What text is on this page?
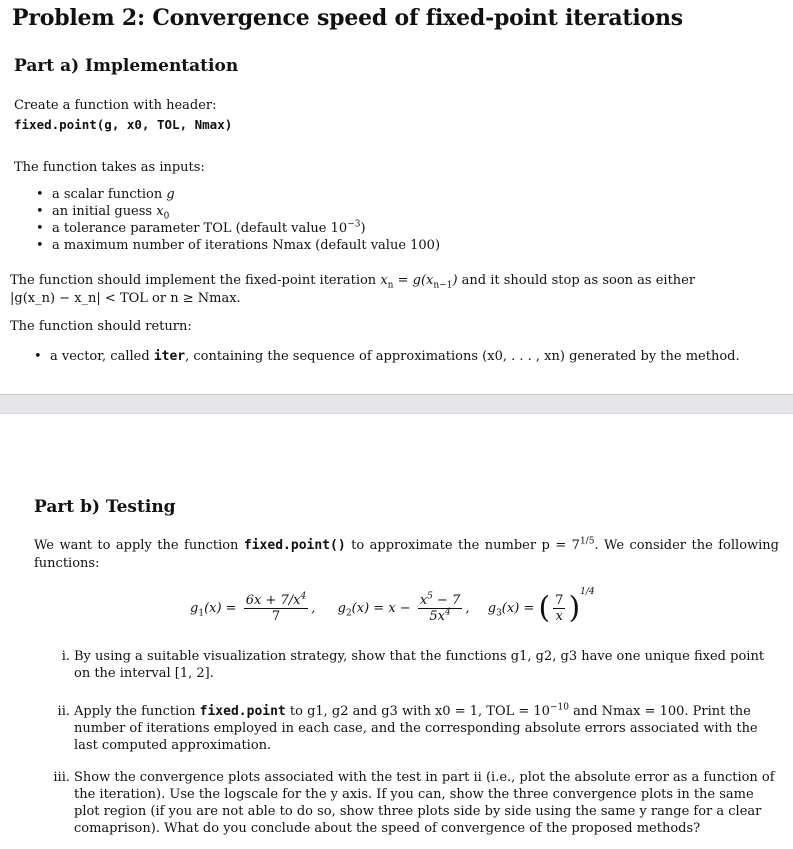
Problem 2: Convergence speed of fixed-point iterations
Part a) Implementation
Create a function with header:
fixed.point(g, x0, TOL, Nmax)
The function takes as inputs:
• a scalar function g
• an initial guess $x_0$
• a tolerance parameter TOL (default value $10^{-3}$)
• a maximum number of iterations Nmax (default value 100)
The function should implement the fixed-point iteration $x_n = g(x_{n-1})$ and it should stop as soon as either
|g(x_n) − x_n| < TOL or n ≥ Nmax.
The function should return:
• a vector, called iter, containing the sequence of approximations (x0, . . . , xn) generated by the method.
Part b) Testing
We want to apply the function fixed.point() to approximate the number $p = 7^{1/5}$. We consider the following functions:
$g_1(x) = \frac{6x + 7/x^4}{7}$ ,  $g_2(x) = x - \frac{x^5 - 7}{5x^4}$ ,  $g_3(x)$ = ( $\frac{7}{x} )^{1/4}$
i. By using a suitable visualization strategy, show that the functions g1, g2, g3 have one unique fixed point on the interval [1, 2].
ii. Apply the function fixed.point to g1, g2 and g3 with x0 = 1, TOL = $10^{-10}$ and Nmax = 100. Print the number of iterations employed in each case, and the corresponding absolute errors associated with the last computed approximation.
iii. Show the convergence plots associated with the test in part ii (i.e., plot the absolute error as a function of the iteration). Use the logscale for the y axis. If you can, show the three convergence plots in the same plot region (if you are not able to do so, show three plots side by side using the same y range for a clear comaprison). What do you conclude about the speed of convergence of the proposed methods?
